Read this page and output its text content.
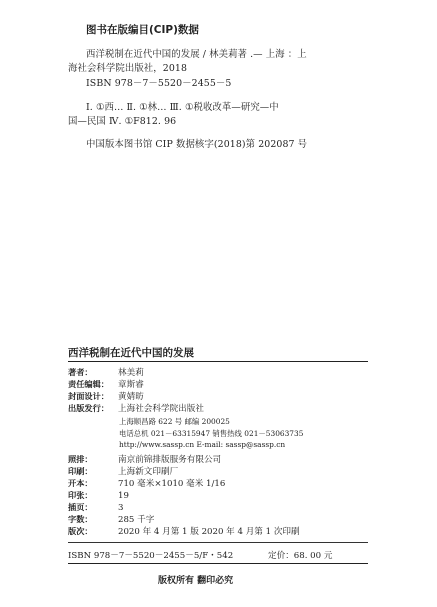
图书在版编目(CIP)数据
西洋税制在近代中国的发展 / 林美莉著 .— 上海 ：上
海社会科学院出版社，2018
ISBN 978－7－5520－2455－5
Ⅰ. ①西… Ⅱ. ①林… Ⅲ. ①税收改革—研究—中
国—民国 Ⅳ. ①F812. 96
中国版本图书馆 CIP 数据核字(2018)第 202087 号
西洋税制在近代中国的发展
著者：	林美莉
责任编辑： 章斯睿
封面设计： 黄婧昉
出版发行： 上海社会科学院出版社
上海顺昌路 622 号 邮编 200025
电话总机 021－63315947 销售热线 021－53063735
http://www.sassp.cn E-mail: sassp@sassp.cn
照排：	南京前锦排版服务有限公司
印刷：	上海新文印刷厂
开本：	710 毫米×1010 毫米 1/16
印张：	19
插页：	3
字数：	285 千字
版次：	2020 年 4 月第 1 版 2020 年 4 月第 1 次印刷
ISBN 978－7－5520－2455－5/F・542	定价：68. 00 元
版权所有 翻印必究
